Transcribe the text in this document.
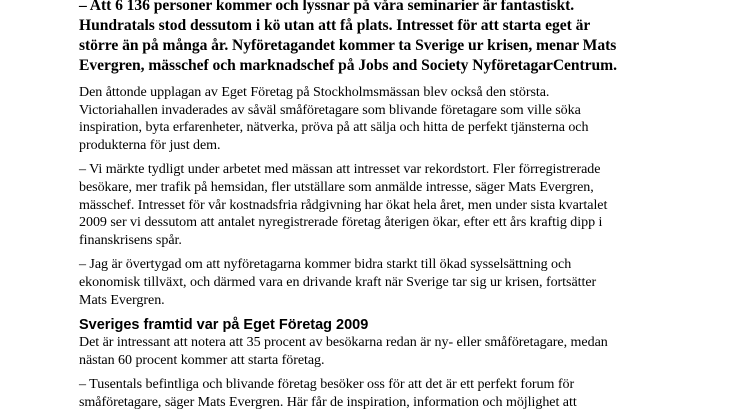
– Att 6 136 personer kommer och lyssnar på våra seminarier är fantastiskt.
Hundratals stod dessutom i kö utan att få plats. Intresset för att starta eget är
större än på många år. Nyföretagandet kommer ta Sverige ur krisen, menar Mats
Evergren, mässchef och marknadschef på Jobs and Society NyföretagarCentrum.

Den åttonde upplagan av Eget Företag på Stockholmsmässan blev också den största.
Victoriahallen invaderades av såväl småföretagare som blivande företagare som ville söka
inspiration, byta erfarenheter, nätverka, pröva på att sälja och hitta de perfekt tjänsterna och
produkterna för just dem.

– Vi märkte tydligt under arbetet med mässan att intresset var rekordstort. Fler förregistrerade
besökare, mer trafik på hemsidan, fler utställare som anmälde intresse, säger Mats Evergren,
mässchef. Intresset för vår kostnadsfria rådgivning har ökat hela året, men under sista kvartalet
2009 ser vi dessutom att antalet nyregistrerade företag återigen ökar, efter ett års kraftig dipp i
finanskrisens spår.

– Jag är övertygad om att nyföretagarna kommer bidra starkt till ökad sysselsättning och
ekonomisk tillväxt, och därmed vara en drivande kraft när Sverige tar sig ur krisen, fortsätter
Mats Evergren.

Sveriges framtid var på Eget Företag 2009

Det är intressant att notera att 35 procent av besökarna redan är ny- eller småföretagare, medan
nästan 60 procent kommer att starta företag.

– Tusentals befintliga och blivande företag besöker oss för att det är ett perfekt forum för
småföretagare, säger Mats Evergren. Här får de inspiration, information och möjlighet att
